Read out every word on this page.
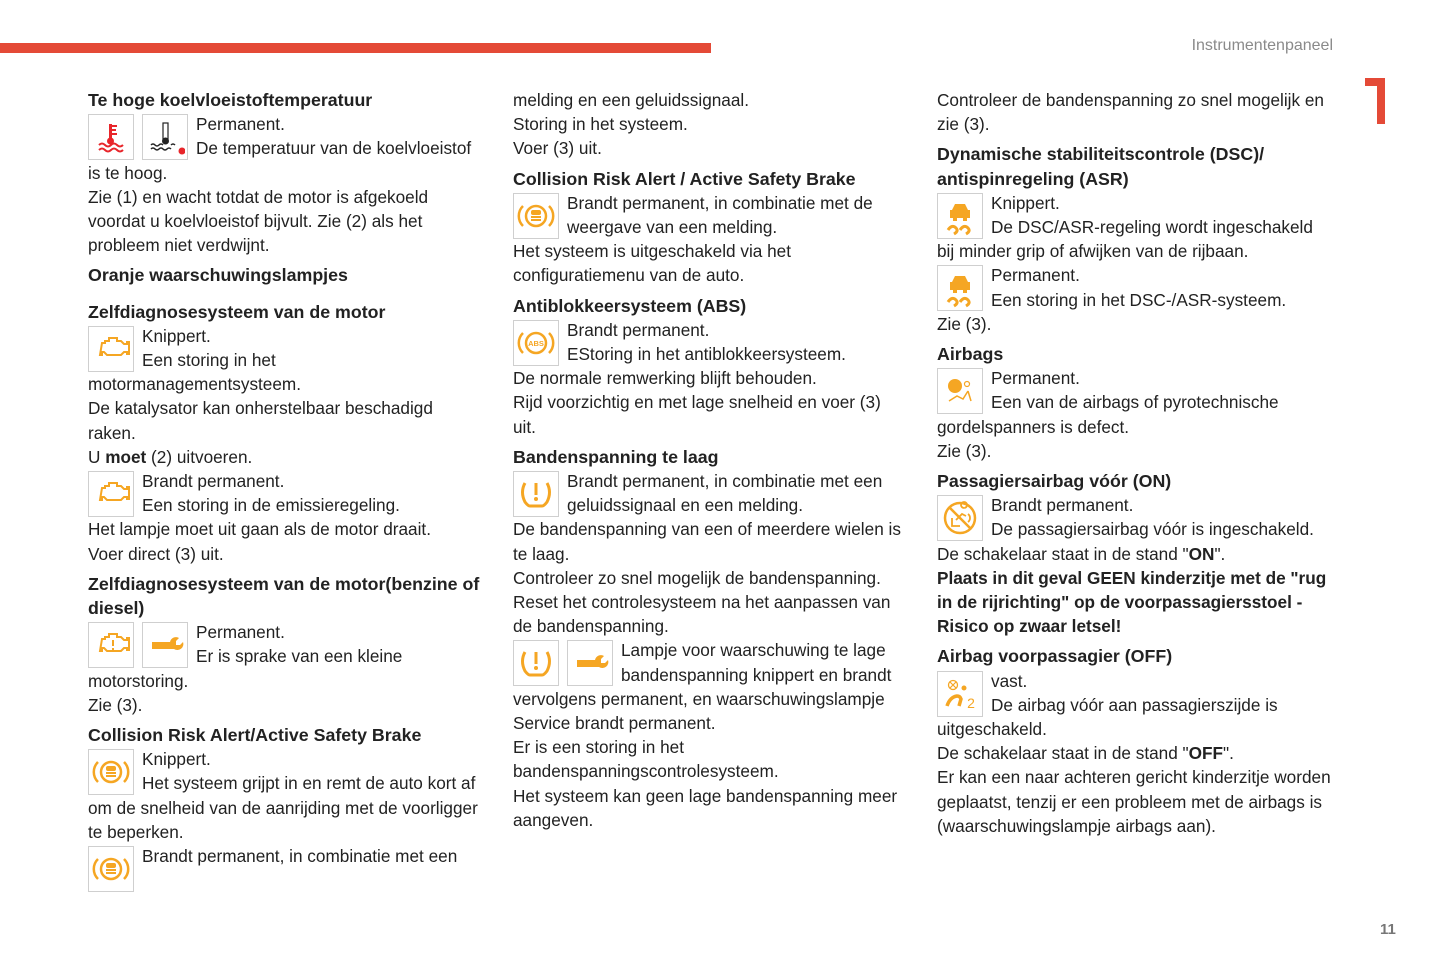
Instrumentenpaneel
11
Te hoge koelvloeistoftemperatuur
Permanent.
De temperatuur van de koelvloeistof is te hoog.
Zie (1) en wacht totdat de motor is afgekoeld voordat u koelvloeistof bijvult. Zie (2) als het probleem niet verdwijnt.
Oranje waarschuwingslampjes
Zelfdiagnosesysteem van de motor
Knippert.
Een storing in het motormanagementsysteem.
De katalysator kan onherstelbaar beschadigd raken.
U moet (2) uitvoeren.
Brandt permanent.
Een storing in de emissieregeling.
Het lampje moet uit gaan als de motor draait.
Voer direct (3) uit.
Zelfdiagnosesysteem van de motor(benzine of diesel)
Permanent.
Er is sprake van een kleine motorstoring.
Zie (3).
Collision Risk Alert/Active Safety Brake
Knippert.
Het systeem grijpt in en remt de auto kort af om de snelheid van de aanrijding met de voorligger te beperken.
Brandt permanent, in combinatie met een
melding en een geluidssignaal.
Storing in het systeem.
Voer (3) uit.
Collision Risk Alert / Active Safety Brake
Brandt permanent, in combinatie met de weergave van een melding.
Het systeem is uitgeschakeld via het configuratiemenu van de auto.
Antiblokkeersysteem (ABS)
ABS
Brandt permanent.
EStoring in het antiblokkeersysteem.
De normale remwerking blijft behouden.
Rijd voorzichtig en met lage snelheid en voer (3) uit.
Bandenspanning te laag
Brandt permanent, in combinatie met een geluidssignaal en een melding.
De bandenspanning van een of meerdere wielen is te laag.
Controleer zo snel mogelijk de bandenspanning.
Reset het controlesysteem na het aanpassen van de bandenspanning.
Lampje voor waarschuwing te lage bandenspanning knippert en brandt vervolgens permanent, en waarschuwingslampje Service brandt permanent.
Er is een storing in het bandenspanningscontrolesysteem.
Het systeem kan geen lage bandenspanning meer aangeven.
Controleer de bandenspanning zo snel mogelijk en zie (3).
Dynamische stabiliteitscontrole (DSC)/ antispinregeling (ASR)
Knippert.
De DSC/ASR-regeling wordt ingeschakeld bij minder grip of afwijken van de rijbaan.
Permanent.
Een storing in het DSC-/ASR-systeem.
Zie (3).
Airbags
Permanent.
Een van de airbags of pyrotechnische gordelspanners is defect.
Zie (3).
Passagiersairbag vóór (ON)
Brandt permanent.
De passagiersairbag vóór is ingeschakeld.
De schakelaar staat in de stand "ON".
Plaats in dit geval GEEN kinderzitje met de "rug in de rijrichting" op de voorpassagiersstoel - Risico op zwaar letsel!
Airbag voorpassagier (OFF)
2
vast.
De airbag vóór aan passagierszijde is uitgeschakeld.
De schakelaar staat in de stand "OFF".
Er kan een naar achteren gericht kinderzitje worden geplaatst, tenzij er een probleem met de airbags is (waarschuwingslampje airbags aan).
